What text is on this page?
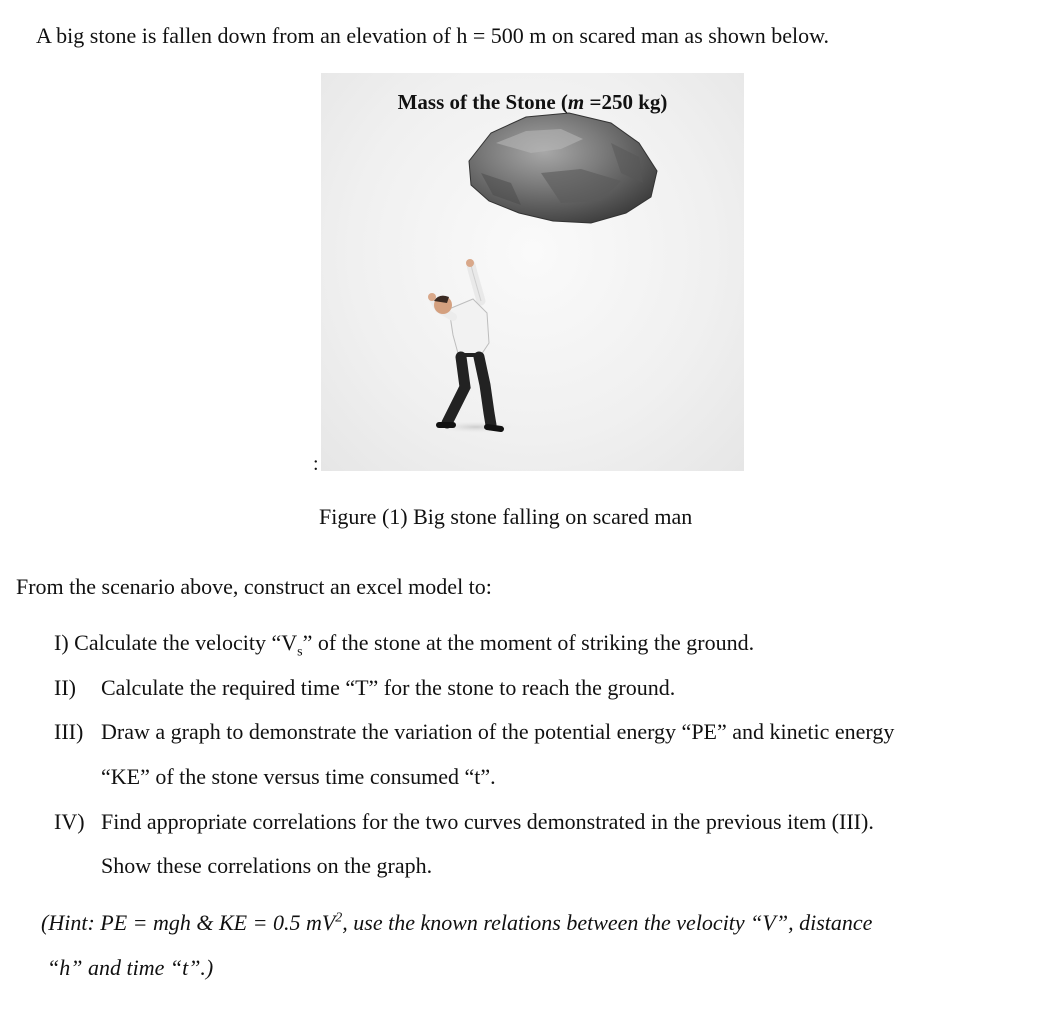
A big stone is fallen down from an elevation of h = 500 m on scared man as shown below.
Mass of the Stone (m =250 kg)
:
Figure (1) Big stone falling on scared man
From the scenario above, construct an excel model to:
I) Calculate the velocity “$V_s$” of the stone at the moment of striking the ground.
II) Calculate the required time “T” for the stone to reach the ground.
III) Draw a graph to demonstrate the variation of the potential energy “PE” and kinetic energy
“KE” of the stone versus time consumed “t”.
IV) Find appropriate correlations for the two curves demonstrated in the previous item (III).
Show these correlations on the graph.
(Hint: PE = mgh & KE = 0.5 $mV^2$, use the known relations between the velocity “V”, distance
“h” and time “t”.)
